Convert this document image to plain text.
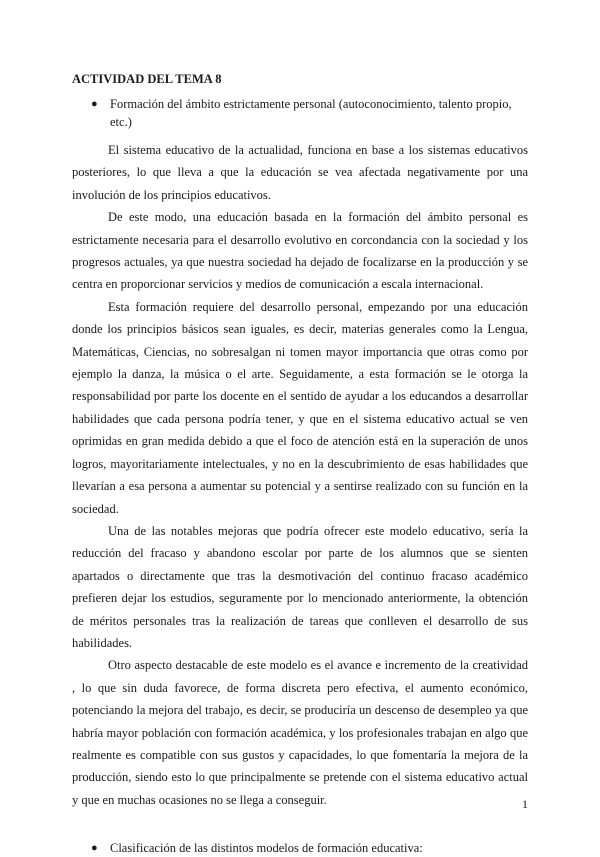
ACTIVIDAD DEL TEMA 8
● Formación del ámbito estrictamente personal (autoconocimiento, talento propio, etc.)

El sistema educativo de la actualidad, funciona en base a los sistemas educativos posteriores, lo que lleva a que la educación se vea afectada negativamente por una involución de los principios educativos.

De este modo, una educación basada en la formación del ámbito personal es estrictamente necesaria para el desarrollo evolutivo en corcondancia con la sociedad y los progresos actuales, ya que nuestra sociedad ha dejado de focalizarse en la producción y se centra en proporcionar servicios y medios de comunicación a escala internacional.

Esta formación requiere del desarrollo personal, empezando por una educación donde los principios básicos sean iguales, es decir, materias generales como la Lengua, Matemáticas, Ciencias, no sobresalgan ni tomen mayor importancia que otras como por ejemplo la danza, la música o el arte. Seguidamente, a esta formación se le otorga la responsabilidad por parte los docente en el sentido de ayudar a los educandos a desarrollar habilidades que cada persona podría tener, y que en el sistema educativo actual se ven oprimidas en gran medida debido a que el foco de atención está en la superación de unos logros, mayoritariamente intelectuales, y no en la descubrimiento de esas habilidades que llevarían a esa persona a aumentar su potencial y a sentirse realizado con su función en la sociedad.

Una de las notables mejoras que podría ofrecer este modelo educativo, sería la reducción del fracaso y abandono escolar por parte de los alumnos que se sienten apartados o directamente que tras la desmotivación del continuo fracaso académico prefieren dejar los estudios, seguramente por lo mencionado anteriormente, la obtención de méritos personales tras la realización de tareas que conlleven el desarrollo de sus habilidades.

Otro aspecto destacable de este modelo es el avance e incremento de la creatividad , lo que sin duda favorece, de forma discreta pero efectiva, el aumento económico, potenciando la mejora del trabajo, es decir, se produciría un descenso de desempleo ya que habría mayor población con formación académica, y los profesionales trabajan en algo que realmente es compatible con sus gustos y capacidades, lo que fomentaría la mejora de la producción, siendo esto lo que principalmente se pretende con el sistema educativo actual y que en muchas ocasiones no se llega a conseguir.

● Clasificación de las distintos modelos de formación educativa:
1
